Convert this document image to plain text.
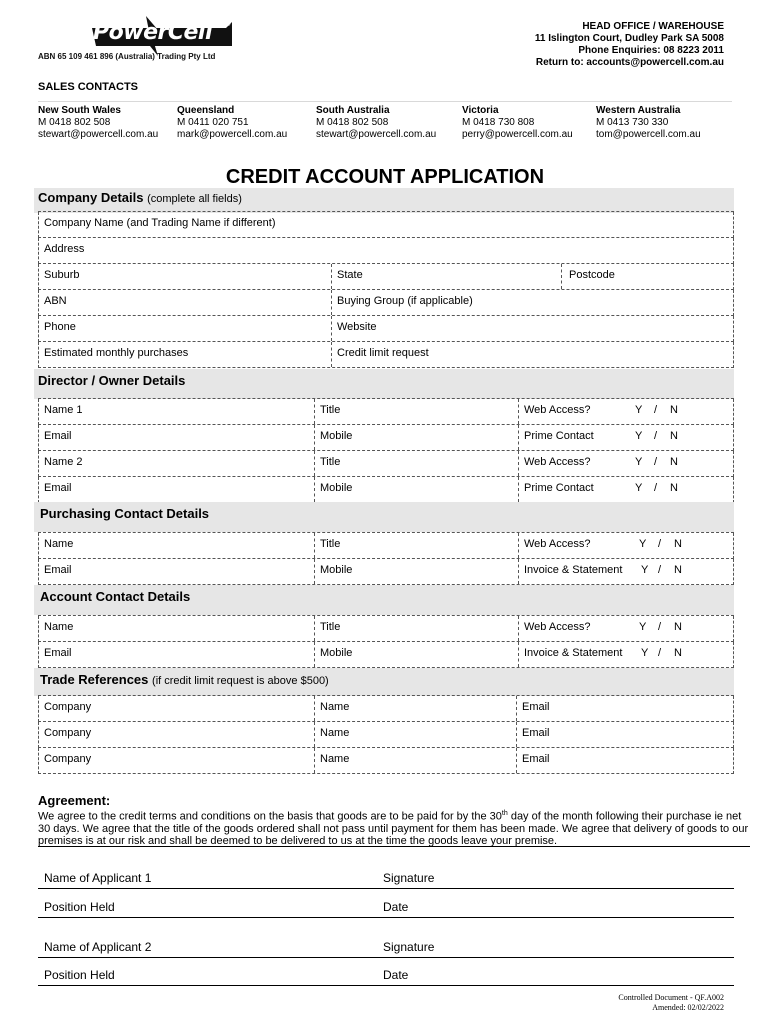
PowerCell ®
ABN 65 109 461 896 (Australia) Trading Pty Ltd
HEAD OFFICE / WAREHOUSE
11 Islington Court, Dudley Park SA 5008
Phone Enquiries: 08 8223 2011
Return to: accounts@powercell.com.au
SALES CONTACTS
New South Wales
M 0418 802 508
stewart@powercell.com.au
Queensland
M 0411 020 751
mark@powercell.com.au
South Australia
M 0418 802 508
stewart@powercell.com.au
Victoria
M 0418 730 808
perry@powercell.com.au
Western Australia
M 0413 730 330
tom@powercell.com.au
CREDIT ACCOUNT APPLICATION
Company Details (complete all fields)
Company Name (and Trading Name if different)
Address
Suburb	State	Postcode
ABN	Buying Group (if applicable)
Phone	Website
Estimated monthly purchases	Credit limit request
Director / Owner Details
Name 1	Title	Web Access?	Y / N
Email	Mobile	Prime Contact	Y / N
Name 2	Title	Web Access?	Y / N
Email	Mobile	Prime Contact	Y / N
Purchasing Contact Details
Name	Title	Web Access?	Y / N
Email	Mobile	Invoice & Statement	Y / N
Account Contact Details
Name	Title	Web Access?	Y / N
Email	Mobile	Invoice & Statement	Y / N
Trade References (if credit limit request is above $500)
Company	Name	Email
Company	Name	Email
Company	Name	Email
Agreement:
We agree to the credit terms and conditions on the basis that goods are to be paid for by the 30th day of the month following their purchase ie net 30 days. We agree that the title of the goods ordered shall not pass until payment for them has been made. We agree that delivery of goods to our premises is at our risk and shall be deemed to be delivered to us at the time the goods leave your premise.
Name of Applicant 1	Signature
Position Held	Date
Name of Applicant 2	Signature
Position Held	Date
Controlled Document - QF.A002
Amended: 02/02/2022
